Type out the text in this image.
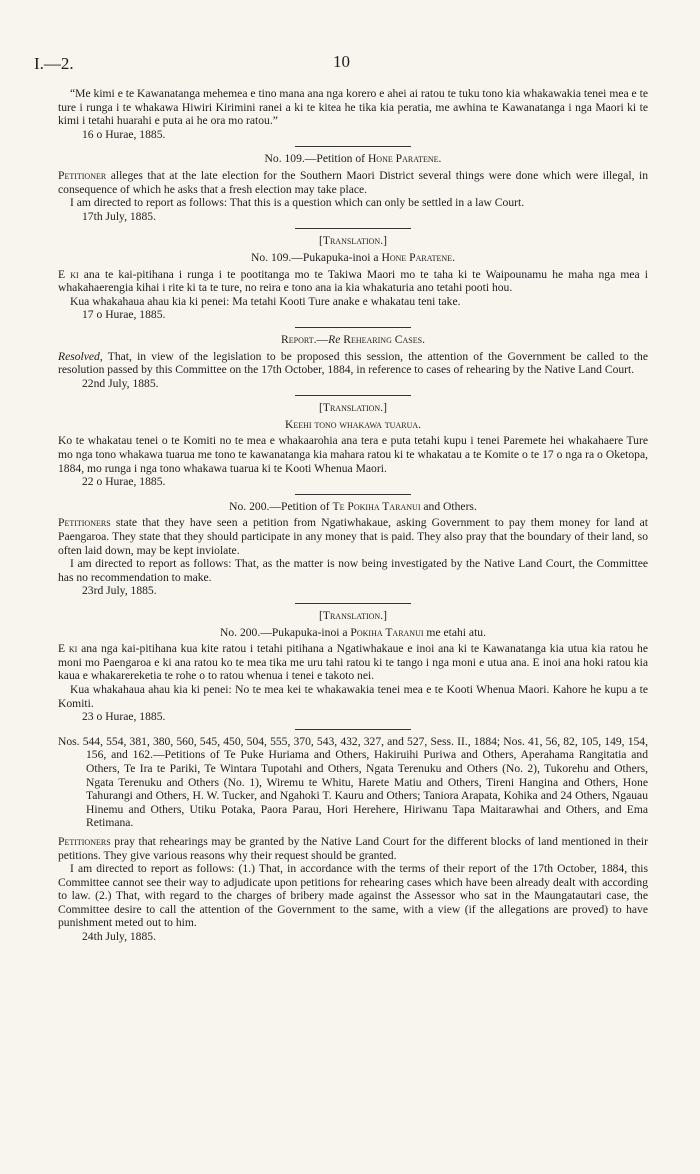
I.—2.	10

“Me kimi e te Kawanatanga mehemea e tino mana ana nga korero e ahei ai ratou te tuku tono kia whakawakia tenei mea e te ture i runga i te whakawa Hiwiri Kirimini ranei a ki te kitea he tika kia peratia, me awhina te Kawanatanga i nga Maori ki te kimi i tetahi huarahi e puta ai he ora mo ratou.”

16 o Hurae, 1885.

No. 109.—Petition of Hone Paratene.

Petitioner alleges that at the late election for the Southern Maori District several things were done which were illegal, in consequence of which he asks that a fresh election may take place.

I am directed to report as follows: That this is a question which can only be settled in a law Court.

17th July, 1885.

[Translation.]

No. 109.—Pukapuka-inoi a Hone Paratene.

E ki ana te kai-pitihana i runga i te pootitanga mo te Takiwa Maori mo te taha ki te Waipounamu he maha nga mea i whakahaerengia kihai i rite ki ta te ture, no reira e tono ana ia kia whakaturia ano tetahi pooti hou.

Kua whakahaua ahau kia ki penei: Ma tetahi Kooti Ture anake e whakatau teni take.

17 o Hurae, 1885.

Report.—Re Rehearing Cases.

Resolved, That, in view of the legislation to be proposed this session, the attention of the Government be called to the resolution passed by this Committee on the 17th October, 1884, in reference to cases of rehearing by the Native Land Court.

22nd July, 1885.

[Translation.]

Keehi tono whakawa tuarua.

Ko te whakatau tenei o te Komiti no te mea e whakaarohia ana tera e puta tetahi kupu i tenei Paremete hei whakahaere Ture mo nga tono whakawa tuarua me tono te kawanatanga kia mahara ratou ki te whakatau a te Komite o te 17 o nga ra o Oketopa, 1884, mo runga i nga tono whakawa tuarua ki te Kooti Whenua Maori.

22 o Hurae, 1885.

No. 200.—Petition of Te Pokiha Taranui and Others.

Petitioners state that they have seen a petition from Ngatiwhakaue, asking Government to pay them money for land at Paengaroa. They state that they should participate in any money that is paid. They also pray that the boundary of their land, so often laid down, may be kept inviolate.

I am directed to report as follows: That, as the matter is now being investigated by the Native Land Court, the Committee has no recommendation to make.

23rd July, 1885.

[Translation.]

No. 200.—Pukapuka-inoi a Pokiha Taranui me etahi atu.

E ki ana nga kai-pitihana kua kite ratou i tetahi pitihana a Ngatiwhakaue e inoi ana ki te Kawanatanga kia utua kia ratou he moni mo Paengaroa e ki ana ratou ko te mea tika me uru tahi ratou ki te tango i nga moni e utua ana. E inoi ana hoki ratou kia kaua e whakarereketia te rohe o to ratou whenua i tenei e takoto nei.

Kua whakahaua ahau kia ki penei: No te mea kei te whakawakia tenei mea e te Kooti Whenua Maori. Kahore he kupu a te Komiti.

23 o Hurae, 1885.

Nos. 544, 554, 381, 380, 560, 545, 450, 504, 555, 370, 543, 432, 327, and 527, Sess. II., 1884; Nos. 41, 56, 82, 105, 149, 154, 156, and 162.—Petitions of Te Puke Huriama and Others, Hakiruihi Puriwa and Others, Aperahama Rangitatia and Others, Te Ira te Pariki, Te Wintara Tupotahi and Others, Ngata Terenuku and Others (No. 2), Tukorehu and Others, Ngata Terenuku and Others (No. 1), Wiremu te Whitu, Harete Matiu and Others, Tireni Hangina and Others, Hone Tahurangi and Others, H. W. Tucker, and Ngahoki T. Kauru and Others; Taniora Arapata, Kohika and 24 Others, Ngauau Hinemu and Others, Utiku Potaka, Paora Parau, Hori Herehere, Hiriwanu Tapa Maitarawhai and Others, and Ema Retimana.

Petitioners pray that rehearings may be granted by the Native Land Court for the different blocks of land mentioned in their petitions. They give various reasons why their request should be granted.

I am directed to report as follows: (1.) That, in accordance with the terms of their report of the 17th October, 1884, this Committee cannot see their way to adjudicate upon petitions for rehearing cases which have been already dealt with according to law. (2.) That, with regard to the charges of bribery made against the Assessor who sat in the Maungatautari case, the Committee desire to call the attention of the Government to the same, with a view (if the allegations are proved) to have punishment meted out to him.

24th July, 1885.
